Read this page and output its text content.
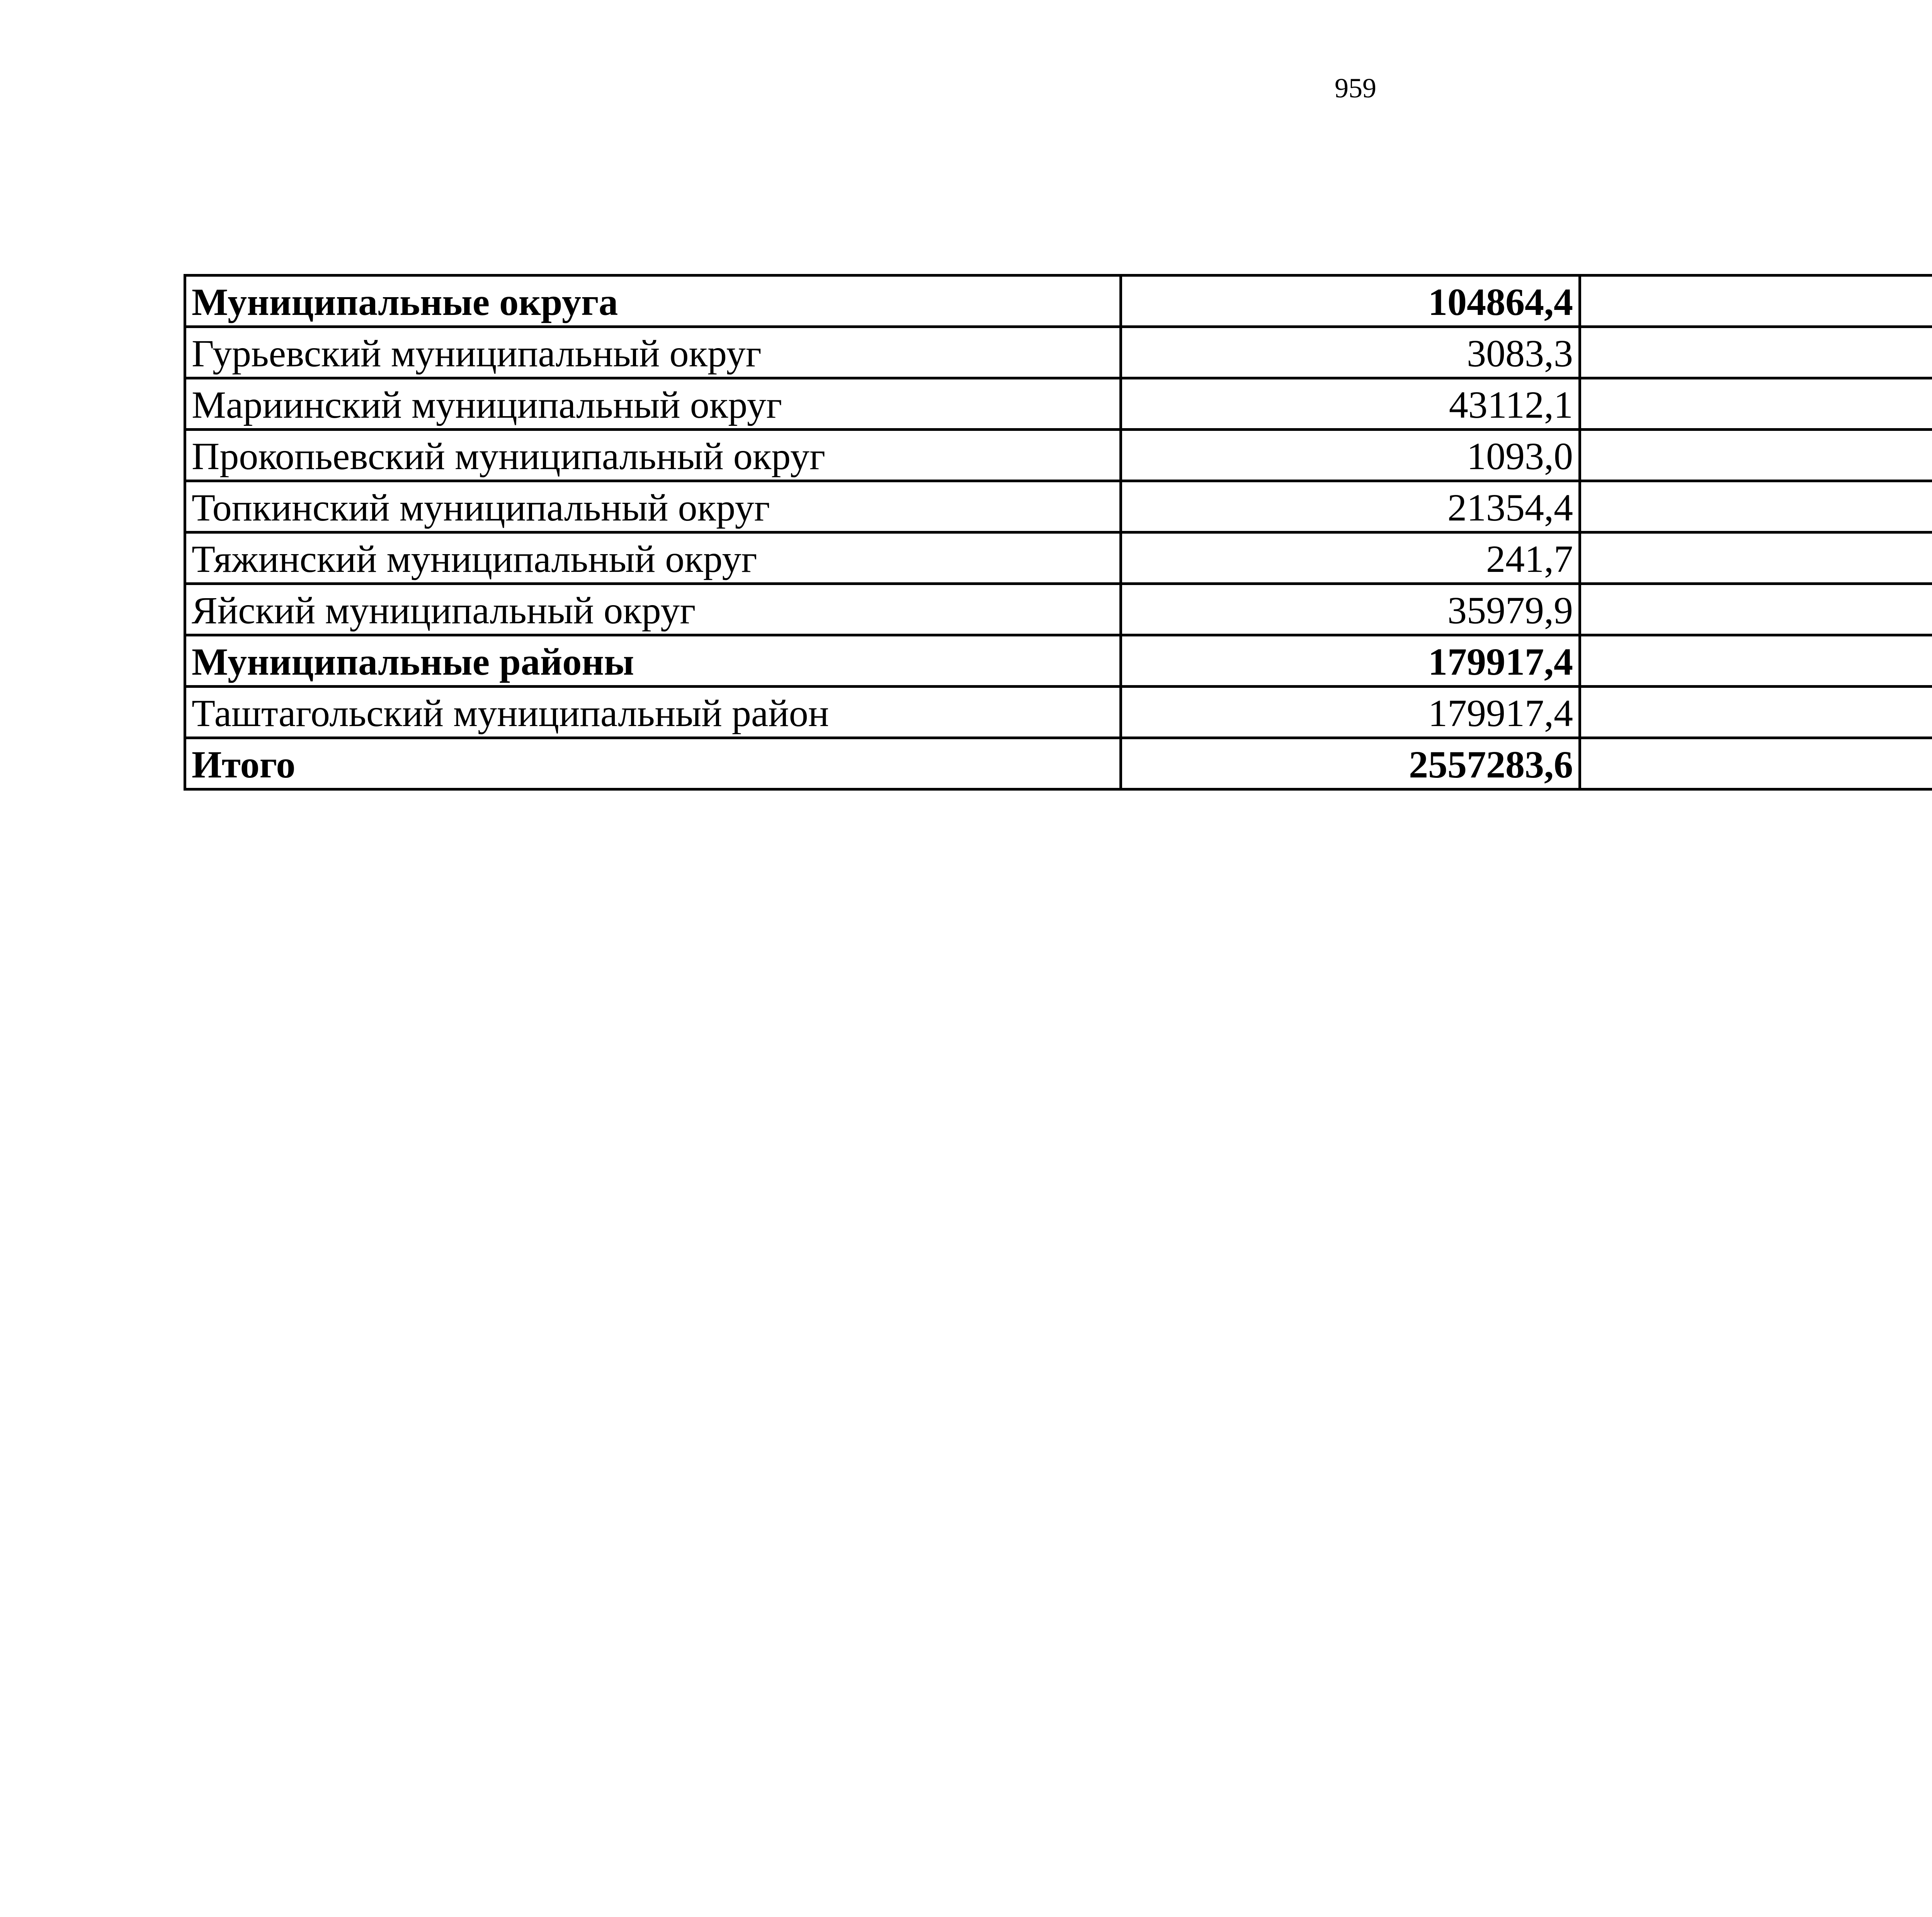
959
Муниципальные округа	104864,4	
Гурьевский муниципальный округ	3083,3	
Мариинский муниципальный округ	43112,1	
Прокопьевский муниципальный округ	1093,0	
Топкинский муниципальный округ	21354,4	
Тяжинский муниципальный округ	241,7	
Яйский муниципальный округ	35979,9	
Муниципальные районы	179917,4	
Таштагольский муниципальный район	179917,4	
Итого	2557283,6	
